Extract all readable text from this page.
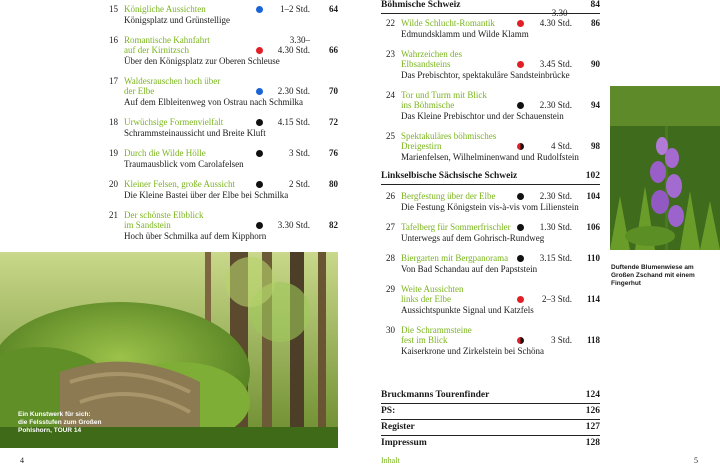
15 Königliche Aussichten	1–2 Std. 64
Königsplatz und Grünstellige
16 Romantische Kahnfahrt
auf der Kirnitzsch
3.30–
4.30 Std. 66
Über den Königsplatz zur Oberen Schleuse
17 Waldesrauschen hoch über
der Elbe	2.30 Std. 70
Auf dem Elbleitenweg von Ostrau nach Schmilka
18 Urwüchsige Formenvielfalt	4.15 Std. 72
Schrammsteinaussicht und Breite Kluft
19 Durch die Wilde Hölle	3 Std. 76
Traumausblick vom Carolafelsen
20 Kleiner Felsen, große Aussicht	2 Std. 80
Die Kleine Bastei über der Elbe bei Schmilka
21 Der schönste Elbblick
im Sandstein	3.30 Std. 82
Hoch über Schmilka auf dem Kipphorn
Böhmische Schweiz	84
22 Wilde Schlucht-Romantik
3.30–
4.30 Std. 86
Edmundsklamm und Wilde Klamm
23 Wahrzeichen des
Elbsandsteins	3.45 Std. 90
Das Prebischtor, spektakuläre Sandsteinbrücke
24 Tor und Turm mit Blick
ins Böhmische	2.30 Std. 94
Das Kleine Prebischtor und der Schauenstein
25 Spektakuläres böhmisches
Dreigestirn	4 Std. 98
Marienfelsen, Wilhelminenwand und Rudolfstein
Linkselbische Sächsische Schweiz	102
26 Bergfestung über der Elbe	2.30 Std. 104
Die Festung Königstein vis-à-vis vom Lilienstein
27 Tafelberg für Sommerfrischler	1.30 Std. 106
Unterwegs auf dem Gohrisch-Rundweg
28 Biergarten mit Bergpanorama	3.15 Std. 110
Von Bad Schandau auf den Papststein
29 Weite Aussichten
links der Elbe	2–3 Std. 114
Aussichtspunkte Signal und Katzfels
30 Die Schrammsteine
fest im Blick	3 Std. 118
Kaiserkrone und Zirkelstein bei Schöna
Ein Kunstwerk für sich:
die Felsstufen zum Großen
Pohlshorn, TOUR 14
Duftende Blumenwiese am
Großen Zschand mit einem
Fingerhut
Bruckmanns Tourenfinder	124
PS:	126
Register	127
Impressum	128
4	Inhalt	5
